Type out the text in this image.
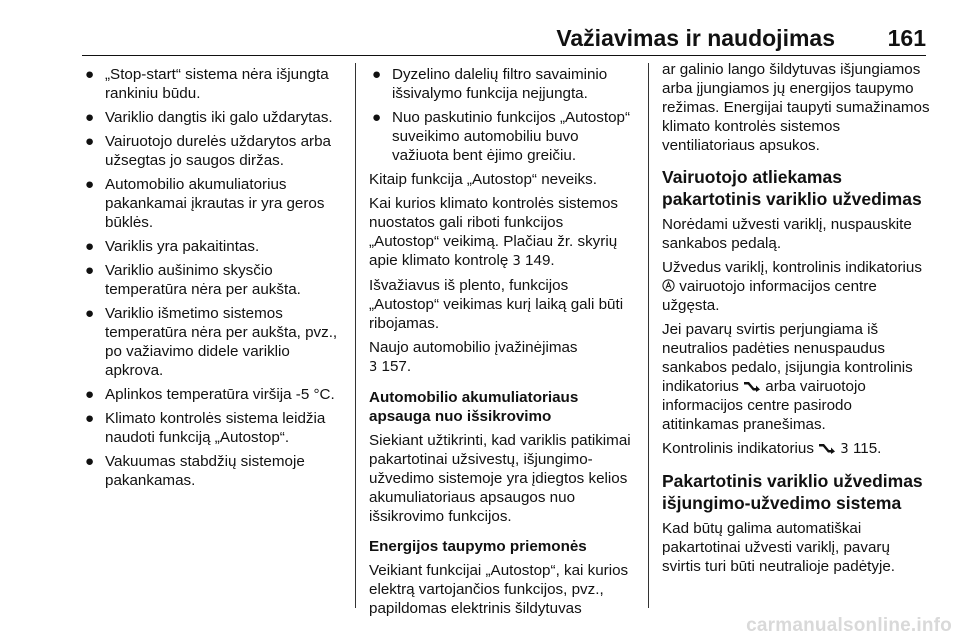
Važiavimas ir naudojimas 161
● „Stop-start“ sistema nėra išjungta rankiniu būdu.
● Variklio dangtis iki galo uždarytas.
● Vairuotojo durelės uždarytos arba užsegtas jo saugos diržas.
● Automobilio akumuliatorius pakankamai įkrautas ir yra geros būklės.
● Variklis yra pakaitintas.
● Variklio aušinimo skysčio temperatūra nėra per aukšta.
● Variklio išmetimo sistemos temperatūra nėra per aukšta, pvz., po važiavimo didele variklio apkrova.
● Aplinkos temperatūra viršija -5 °C.
● Klimato kontrolės sistema leidžia naudoti funkciją „Autostop“.
● Vakuumas stabdžių sistemoje pakankamas.
● Dyzelino dalelių filtro savaiminio išsivalymo funkcija neįjungta.
● Nuo paskutinio funkcijos „Autostop“ suveikimo automobiliu buvo važiuota bent ėjimo greičiu.

Kitaip funkcija „Autostop“ neveiks.

Kai kurios klimato kontrolės sistemos nuostatos gali riboti funkcijos „Autostop“ veikimą. Plačiau žr. skyrių apie klimato kontrolę 3 149.

Išvažiavus iš plento, funkcijos „Autostop“ veikimas kurį laiką gali būti ribojamas.

Naujo automobilio įvažinėjimas
3 157.

Automobilio akumuliatoriaus apsauga nuo išsikrovimo

Siekiant užtikrinti, kad variklis patikimai pakartotinai užsivestų, išjungimo-užvedimo sistemoje yra įdiegtos kelios akumuliatoriaus apsaugos nuo išsikrovimo funkcijos.

Energijos taupymo priemonės

Veikiant funkcijai „Autostop“, kai kurios elektrą vartojančios funkcijos, pvz., papildomas elektrinis šildytuvas

ar galinio lango šildytuvas išjungiamos arba įjungiamos jų energijos taupymo režimas. Energijai taupyti sumažinamos klimato kontrolės sistemos ventiliatoriaus apsukos.

Vairuotojo atliekamas pakartotinis variklio užvedimas

Norėdami užvesti variklį, nuspauskite sankabos pedalą.

Užvedus variklį, kontrolinis indikatorius  vairuotojo informacijos centre užgęsta.

Jei pavarų svirtis perjungiama iš neutralios padėties nenuspaudus sankabos pedalo, įsijungia kontrolinis indikatorius arba vairuotojo informacijos centre pasirodo atitinkamas pranešimas.

Kontrolinis indikatorius 3 115.

Pakartotinis variklio užvedimas išjungimo-užvedimo sistema

Kad būtų galima automatiškai pakartotinai užvesti variklį, pavarų svirtis turi būti neutralioje padėtyje.

carmanualsonline.info
